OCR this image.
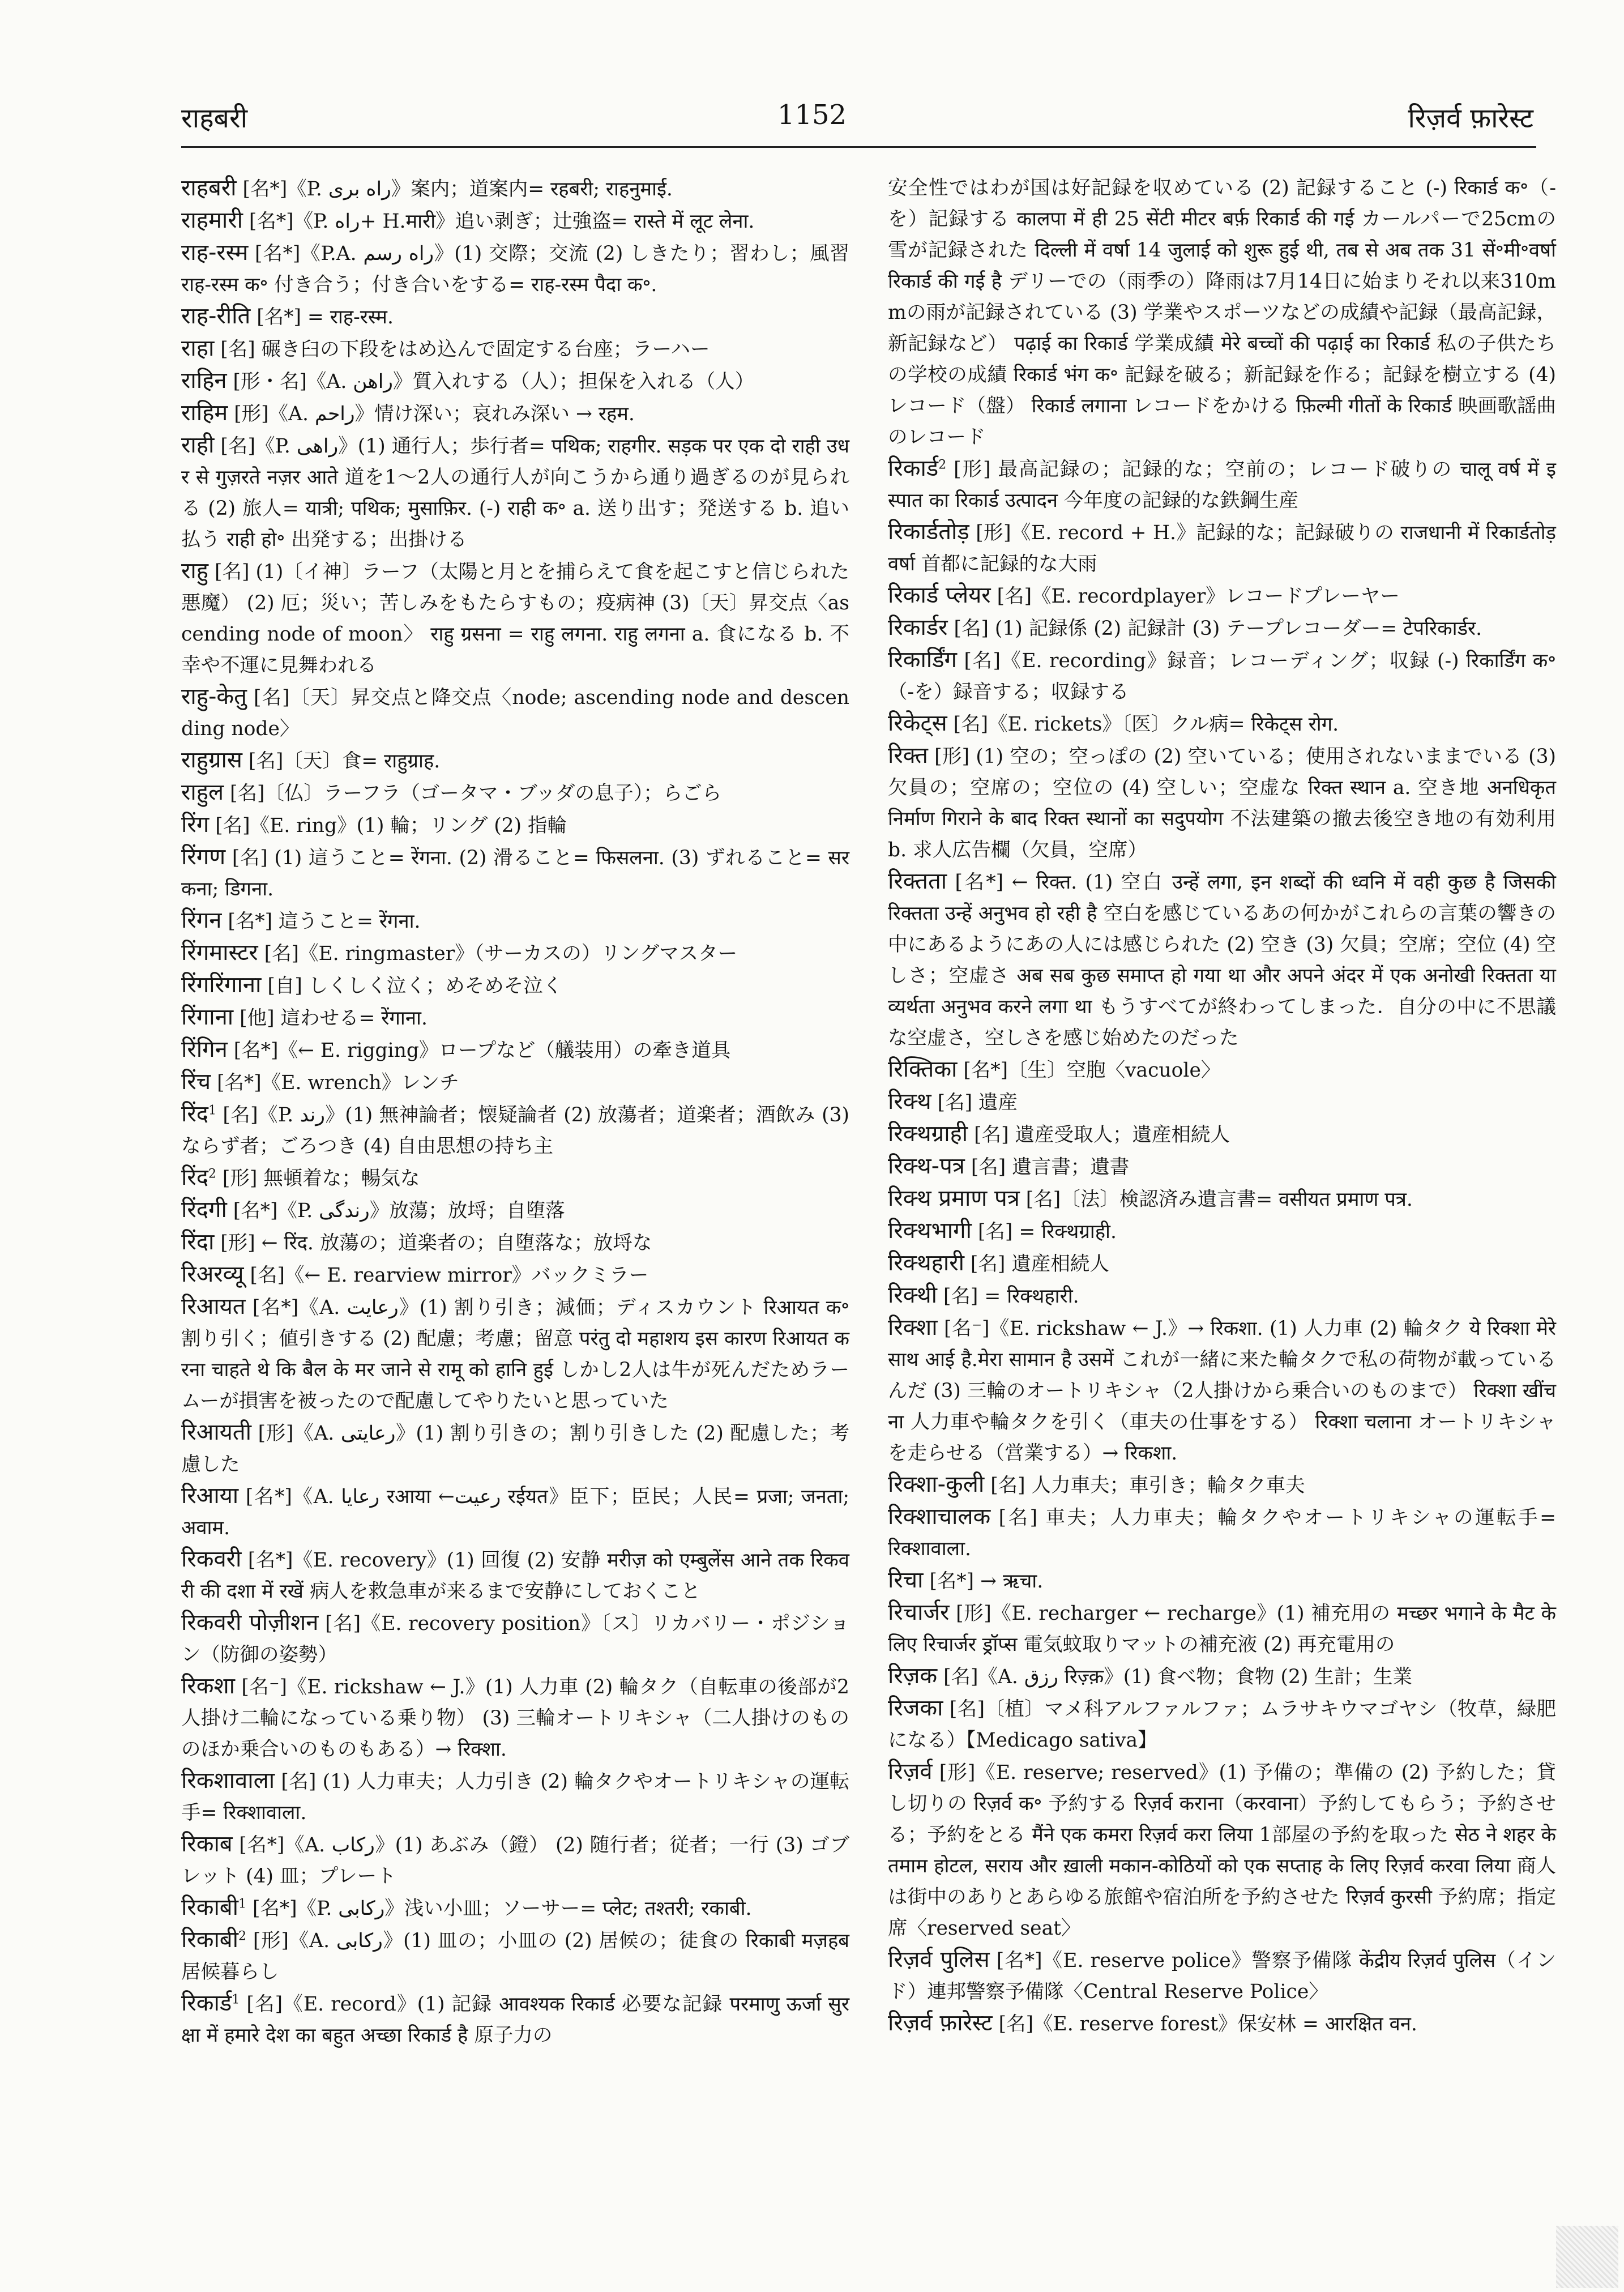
राहबरी	1152	रिज़र्व फ़ारेस्ट

राहबरी [名*]《P. راه بری》案内；道案内= रहबरी; राहनुमाई.

राहमारी [名*]《P. راه+ H.मारी》追い剥ぎ；辻強盗= रास्ते में लूट लेना.

राह-रस्म [名*]《P.A. راه رسم》(1) 交際；交流 (2) しきたり；習わし；風習 राह-रस्म क॰ 付き合う；付き合いをする= राह-रस्म पैदा क॰.

राह-रीति [名*] = राह-रस्म.

राहा [名] 碾き臼の下段をはめ込んで固定する台座；ラーハー

राहिन [形・名]《A. راهن》質入れする（人）；担保を入れる（人）

राहिम [形]《A. راحم》情け深い；哀れみ深い → रहम.

राही [名]《P. راهی》(1) 通行人；歩行者= पथिक; राहगीर. सड़क पर एक दो राही उधर से गुज़रते नज़र आते 道を1〜2人の通行人が向こうから通り過ぎるのが見られる (2) 旅人= यात्री; पथिक; मुसाफ़िर. (-) राही क॰ a. 送り出す；発送する b. 追い払う राही हो॰ 出発する；出掛ける

राहु [名] (1)〔イ神〕ラーフ（太陽と月とを捕らえて食を起こすと信じられた悪魔） (2) 厄；災い；苦しみをもたらすもの；疫病神 (3)〔天〕昇交点〈ascending node of moon〉 राहु ग्रसना = राहु लगना. राहु लगना a. 食になる b. 不幸や不運に見舞われる

राहु-केतु [名]〔天〕昇交点と降交点〈node; ascending node and descending node〉

राहुग्रास [名]〔天〕食= राहुग्राह.

राहुल [名]〔仏〕ラーフラ（ゴータマ・ブッダの息子）；らごら

रिंग [名]《E. ring》(1) 輪；リング (2) 指輪

रिंगण [名] (1) 這うこと= रेंगना. (2) 滑ること= फिसलना. (3) ずれること= सरकना; डिगना.

रिंगन [名*] 這うこと= रेंगना.

रिंगमास्टर [名]《E. ringmaster》（サーカスの）リングマスター

रिंगरिंगाना [自] しくしく泣く；めそめそ泣く

रिंगाना [他] 這わせる= रेंगाना.

रिंगिन [名*]《← E. rigging》ロープなど（艤装用）の牽き道具

रिंच [名*]《E. wrench》レンチ

रिंद$^1$ [名]《P. رند》(1) 無神論者；懐疑論者 (2) 放蕩者；道楽者；酒飲み (3) ならず者；ごろつき (4) 自由思想の持ち主

रिंद$^2$ [形] 無頓着な；暢気な

रिंदगी [名*]《P. رندگی》放蕩；放埒；自堕落

रिंदा [形] ← रिंद. 放蕩の；道楽者の；自堕落な；放埒な

रिअरव्यू [名]《← E. rearview mirror》バックミラー

रिआयत [名*]《A. رعایت》(1) 割り引き；減価；ディスカウント रिआयत क॰ 割り引く；値引きする (2) 配慮；考慮；留意 परंतु दो महाशय इस कारण रिआयत करना चाहते थे कि बैल के मर जाने से रामू को हानि हुई しかし2人は牛が死んだためラームーが損害を被ったので配慮してやりたいと思っていた

रिआयती [形]《A. رعایتی》(1) 割り引きの；割り引きした (2) 配慮した；考慮した

रिआया [名*]《A. رعایا रआया ←رعیت रईयत》臣下；臣民；人民= प्रजा; जनता; अवाम.

रिकवरी [名*]《E. recovery》(1) 回復 (2) 安静 मरीज़ को एम्बुलेंस आने तक रिकवरी की दशा में रखें 病人を救急車が来るまで安静にしておくこと

रिकवरी पोज़ीशन [名]《E. recovery position》〔ス〕リカバリー・ポジション（防御の姿勢）

रिकशा [名⁻]《E. rickshaw ← J.》(1) 人力車 (2) 輪タク（自転車の後部が2人掛け二輪になっている乗り物） (3) 三輪オートリキシャ（二人掛けのもののほか乗合いのものもある）→ रिक्शा.

रिकशावाला [名] (1) 人力車夫；人力引き (2) 輪タクやオートリキシャの運転手= रिक्शावाला.

रिकाब [名*]《A. رکاب》(1) あぶみ（鐙） (2) 随行者；従者；一行 (3) ゴブレット (4) 皿；プレート

रिकाबी$^1$ [名*]《P. رکابی》浅い小皿；ソーサー= प्लेट; तश्तरी; रकाबी.

रिकाबी$^2$ [形]《A. رکابی》(1) 皿の；小皿の (2) 居候の；徒食の रिकाबी मज़हब 居候暮らし

रिकार्ड$^1$ [名]《E. record》(1) 記録 आवश्यक रिकार्ड 必要な記録 परमाणु ऊर्जा सुरक्षा में हमारे देश का बहुत अच्छा रिकार्ड है 原子力の

安全性ではわが国は好記録を収めている (2) 記録すること (-) रिकार्ड क॰（-を）記録する कालपा में ही 25 सेंटी मीटर बर्फ़ रिकार्ड की गई カールパーで25cmの雪が記録された दिल्ली में वर्षा 14 जुलाई को शुरू हुई थी, तब से अब तक 31 सें॰मी॰वर्षा रिकार्ड की गई है デリーでの（雨季の）降雨は7月14日に始まりそれ以来310mmの雨が記録されている (3) 学業やスポーツなどの成績や記録（最高記録，新記録など） पढ़ाई का रिकार्ड 学業成績 मेरे बच्चों की पढ़ाई का रिकार्ड 私の子供たちの学校の成績 रिकार्ड भंग क॰ 記録を破る；新記録を作る；記録を樹立する (4) レコード（盤） रिकार्ड लगाना レコードをかける फ़िल्मी गीतों के रिकार्ड 映画歌謡曲のレコード

रिकार्ड$^2$ [形] 最高記録の；記録的な；空前の；レコード破りの चालू वर्ष में इस्पात का रिकार्ड उत्पादन 今年度の記録的な鉄鋼生産

रिकार्डतोड़ [形]《E. record + H.》記録的な；記録破りの राजधानी में रिकार्डतोड़ वर्षा 首都に記録的な大雨

रिकार्ड प्लेयर [名]《E. recordplayer》レコードプレーヤー

रिकार्डर [名] (1) 記録係 (2) 記録計 (3) テープレコーダー= टेपरिकार्डर.

रिकार्डिंग [名]《E. recording》録音；レコーディング；収録 (-) रिकार्डिंग क॰（-を）録音する；収録する

रिकेट्स [名]《E. rickets》〔医〕クル病= रिकेट्स रोग.

रिक्त [形] (1) 空の；空っぽの (2) 空いている；使用されないままでいる (3) 欠員の；空席の；空位の (4) 空しい；空虚な रिक्त स्थान a. 空き地 अनधिकृत निर्माण गिराने के बाद रिक्त स्थानों का सदुपयोग 不法建築の撤去後空き地の有効利用 b. 求人広告欄（欠員，空席）

रिक्तता [名*] ← रिक्त. (1) 空白 उन्हें लगा, इन शब्दों की ध्वनि में वही कुछ है जिसकी रिक्तता उन्हें अनुभव हो रही है 空白を感じているあの何かがこれらの言葉の響きの中にあるようにあの人には感じられた (2) 空き (3) 欠員；空席；空位 (4) 空しさ；空虚さ अब सब कुछ समाप्त हो गया था और अपने अंदर में एक अनोखी रिक्तता या व्यर्थता अनुभव करने लगा था もうすべてが終わってしまった．自分の中に不思議な空虚さ，空しさを感じ始めたのだった

रिक्तिका [名*]〔生〕空胞〈vacuole〉

रिक्थ [名] 遺産

रिक्थग्राही [名] 遺産受取人；遺産相続人

रिक्थ-पत्र [名] 遺言書；遺書

रिक्थ प्रमाण पत्र [名]〔法〕検認済み遺言書= वसीयत प्रमाण पत्र.

रिक्थभागी [名] = रिक्थग्राही.

रिक्थहारी [名] 遺産相続人

रिक्थी [名] = रिक्थहारी.

रिक्शा [名⁻]《E. rickshaw ← J.》→ रिकशा. (1) 人力車 (2) 輪タク ये रिक्शा मेरे साथ आई है.मेरा सामान है उसमें これが一緒に来た輪タクで私の荷物が載っているんだ (3) 三輪のオートリキシャ（2人掛けから乗合いのものまで） रिक्शा खींचना 人力車や輪タクを引く（車夫の仕事をする） रिक्शा चलाना オートリキシャを走らせる（営業する）→ रिकशा.

रिक्शा-कुली [名] 人力車夫；車引き；輪タク車夫

रिक्शाचालक [名] 車夫；人力車夫；輪タクやオートリキシャの運転手= रिक्शावाला.

रिचा [名*] → ऋचा.

रिचार्जर [形]《E. recharger ← recharge》(1) 補充用の मच्छर भगाने के मैट के लिए रिचार्जर ड्रॉप्स 電気蚊取りマットの補充液 (2) 再充電用の

रिज़क [名]《A. رزق रिज़्क़》(1) 食べ物；食物 (2) 生計；生業

रिजका [名]〔植〕マメ科アルファルファ；ムラサキウマゴヤシ（牧草，緑肥になる）【Medicago sativa】

रिज़र्व [形]《E. reserve; reserved》(1) 予備の；準備の (2) 予約した；貸し切りの रिज़र्व क॰ 予約する रिज़र्व कराना（करवाना）予約してもらう；予約させる；予約をとる मैंने एक कमरा रिज़र्व करा लिया 1部屋の予約を取った सेठ ने शहर के तमाम होटल, सराय और ख़ाली मकान-कोठियों को एक सप्ताह के लिए रिज़र्व करवा लिया 商人は街中のありとあらゆる旅館や宿泊所を予約させた रिज़र्व कुरसी 予約席；指定席〈reserved seat〉

रिज़र्व पुलिस [名*]《E. reserve police》警察予備隊 केंद्रीय रिज़र्व पुलिस（インド）連邦警察予備隊〈Central Reserve Police〉

रिज़र्व फ़ारेस्ट [名]《E. reserve forest》保安林 = आरक्षित वन.
